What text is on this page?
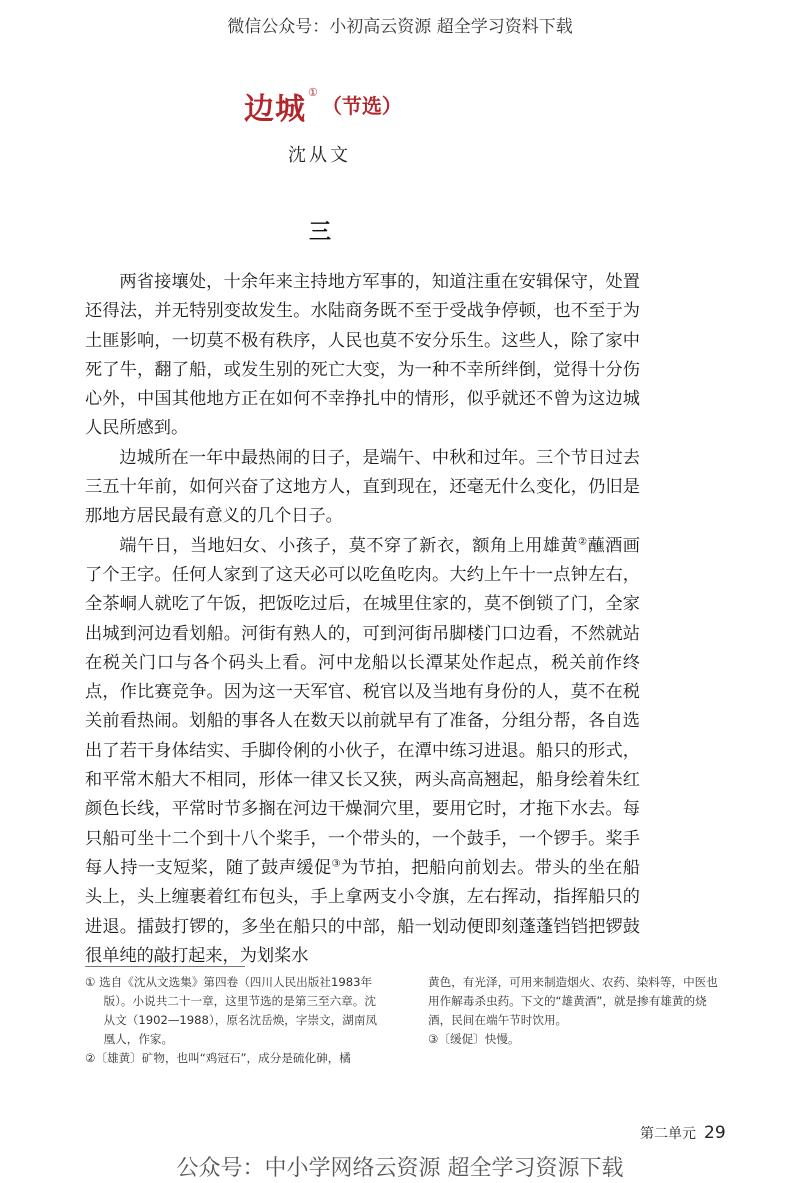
微信公众号：小初高云资源 超全学习资料下载
边城 ①
（节选）
沈从文
三

两省接壤处，十余年来主持地方军事的，知道注重在安辑保守，处置还得法，并无特别变故发生。水陆商务既不至于受战争停顿，也不至于为土匪影响，一切莫不极有秩序，人民也莫不安分乐生。这些人，除了家中死了牛，翻了船，或发生别的死亡大变，为一种不幸所绊倒，觉得十分伤心外，中国其他地方正在如何不幸挣扎中的情形，似乎就还不曾为这边城人民所感到。

边城所在一年中最热闹的日子，是端午、中秋和过年。三个节日过去三五十年前，如何兴奋了这地方人，直到现在，还毫无什么变化，仍旧是那地方居民最有意义的几个日子。

端午日，当地妇女、小孩子，莫不穿了新衣，额角上用雄黄②蘸酒画了个王字。任何人家到了这天必可以吃鱼吃肉。大约上午十一点钟左右，全茶峒人就吃了午饭，把饭吃过后，在城里住家的，莫不倒锁了门，全家出城到河边看划船。河街有熟人的，可到河街吊脚楼门口边看，不然就站在税关门口与各个码头上看。河中龙船以长潭某处作起点，税关前作终点，作比赛竞争。因为这一天军官、税官以及当地有身份的人，莫不在税关前看热闹。划船的事各人在数天以前就早有了准备，分组分帮，各自选出了若干身体结实、手脚伶俐的小伙子，在潭中练习进退。船只的形式，和平常木船大不相同，形体一律又长又狭，两头高高翘起，船身绘着朱红颜色长线，平常时节多搁在河边干燥洞穴里，要用它时，才拖下水去。每只船可坐十二个到十八个桨手，一个带头的，一个鼓手，一个锣手。桨手每人持一支短桨，随了鼓声缓促③为节拍，把船向前划去。带头的坐在船头上，头上缠裹着红布包头，手上拿两支小令旗，左右挥动，指挥船只的进退。擂鼓打锣的，多坐在船只的中部，船一划动便即刻蓬蓬铛铛把锣鼓很单纯的敲打起来，为划桨水

① 选自《沈从文选集》第四卷（四川人民出版社1983年版）。小说共二十一章，这里节选的是第三至六章。沈从文（1902—1988），原名沈岳焕，字崇文，湖南凤凰人，作家。

②〔雄黄〕矿物，也叫“鸡冠石”，成分是硫化砷，橘

黄色，有光泽，可用来制造烟火、农药、染料等，中医也用作解毒杀虫药。下文的“雄黄酒”，就是掺有雄黄的烧酒，民间在端午节时饮用。

③〔缓促〕快慢。

第二单元 29
公众号：中小学网络云资源 超全学习资源下载
